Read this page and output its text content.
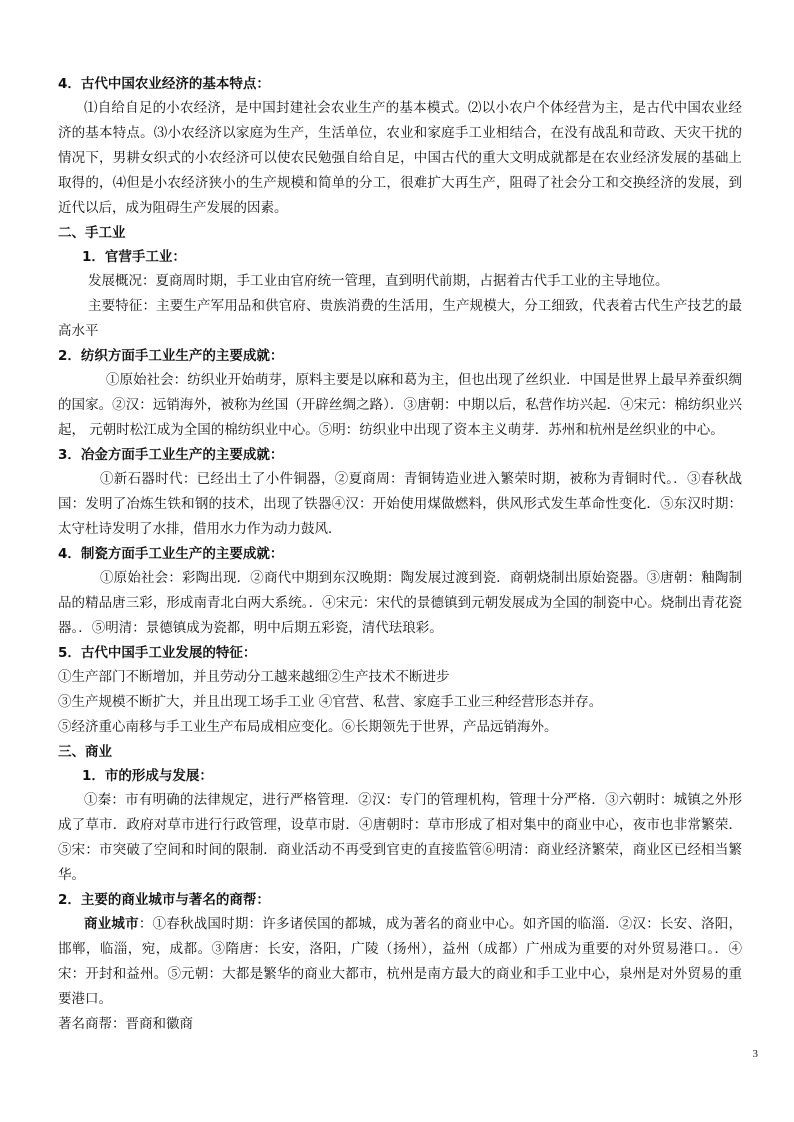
4．古代中国农业经济的基本特点：
⑴自给自足的小农经济，是中国封建社会农业生产的基本模式。⑵以小农户个体经营为主，是古代中国农业经济的基本特点。⑶小农经济以家庭为生产，生活单位，农业和家庭手工业相结合，在没有战乱和苛政、天灾干扰的情况下，男耕女织式的小农经济可以使农民勉强自给自足，中国古代的重大文明成就都是在农业经济发展的基础上取得的，⑷但是小农经济狭小的生产规模和简单的分工，很难扩大再生产，阻碍了社会分工和交换经济的发展，到近代以后，成为阻碍生产发展的因素。
二、手工业
1．官营手工业：
发展概况：夏商周时期，手工业由官府统一管理，直到明代前期，占据着古代手工业的主导地位。
主要特征：主要生产军用品和供官府、贵族消费的生活用，生产规模大，分工细致，代表着古代生产技艺的最高水平
2．纺织方面手工业生产的主要成就：
①原始社会：纺织业开始萌芽，原料主要是以麻和葛为主，但也出现了丝织业．中国是世界上最早养蚕织绸的国家。②汉：远销海外，被称为丝国（开辟丝绸之路）．③唐朝：中期以后，私营作坊兴起．④宋元：棉纺织业兴起， 元朝时松江成为全国的棉纺织业中心。⑤明：纺织业中出现了资本主义萌芽．苏州和杭州是丝织业的中心。
3．冶金方面手工业生产的主要成就：
①新石器时代：已经出土了小件铜器，②夏商周：青铜铸造业进入繁荣时期，被称为青铜时代。．③春秋战国：发明了冶炼生铁和钢的技术，出现了铁器④汉：开始使用煤做燃料，供风形式发生革命性变化．⑤东汉时期：太守杜诗发明了水排，借用水力作为动力鼓风．
4．制瓷方面手工业生产的主要成就：
①原始社会：彩陶出现．②商代中期到东汉晚期：陶发展过渡到瓷．商朝烧制出原始瓷器。③唐朝：釉陶制品的精品唐三彩，形成南青北白两大系统。．④宋元：宋代的景德镇到元朝发展成为全国的制瓷中心。烧制出青花瓷器。．⑤明清：景德镇成为瓷都，明中后期五彩瓷，清代珐琅彩。
5．古代中国手工业发展的特征：
①生产部门不断增加，并且劳动分工越来越细②生产技术不断进步
③生产规模不断扩大，并且出现工场手工业 ④官营、私营、家庭手工业三种经营形态并存。
⑤经济重心南移与手工业生产布局成相应变化。⑥长期领先于世界，产品远销海外。
三、商业
1．市的形成与发展：
①秦：市有明确的法律规定，进行严格管理．②汉：专门的管理机构，管理十分严格．③六朝时：城镇之外形成了草市．政府对草市进行行政管理，设草市尉．④唐朝时：草市形成了相对集中的商业中心，夜市也非常繁荣．⑤宋：市突破了空间和时间的限制．商业活动不再受到官吏的直接监管⑥明清：商业经济繁荣，商业区已经相当繁华。
2．主要的商业城市与著名的商帮：
商业城市：①春秋战国时期：许多诸侯国的都城，成为著名的商业中心。如齐国的临淄．②汉：长安、洛阳，邯郸，临淄，宛，成都。③隋唐：长安，洛阳，广陵（扬州），益州（成都）广州成为重要的对外贸易港口。．④宋：开封和益州。⑤元朝：大都是繁华的商业大都市，杭州是南方最大的商业和手工业中心，泉州是对外贸易的重要港口。
著名商帮：晋商和徽商
3
